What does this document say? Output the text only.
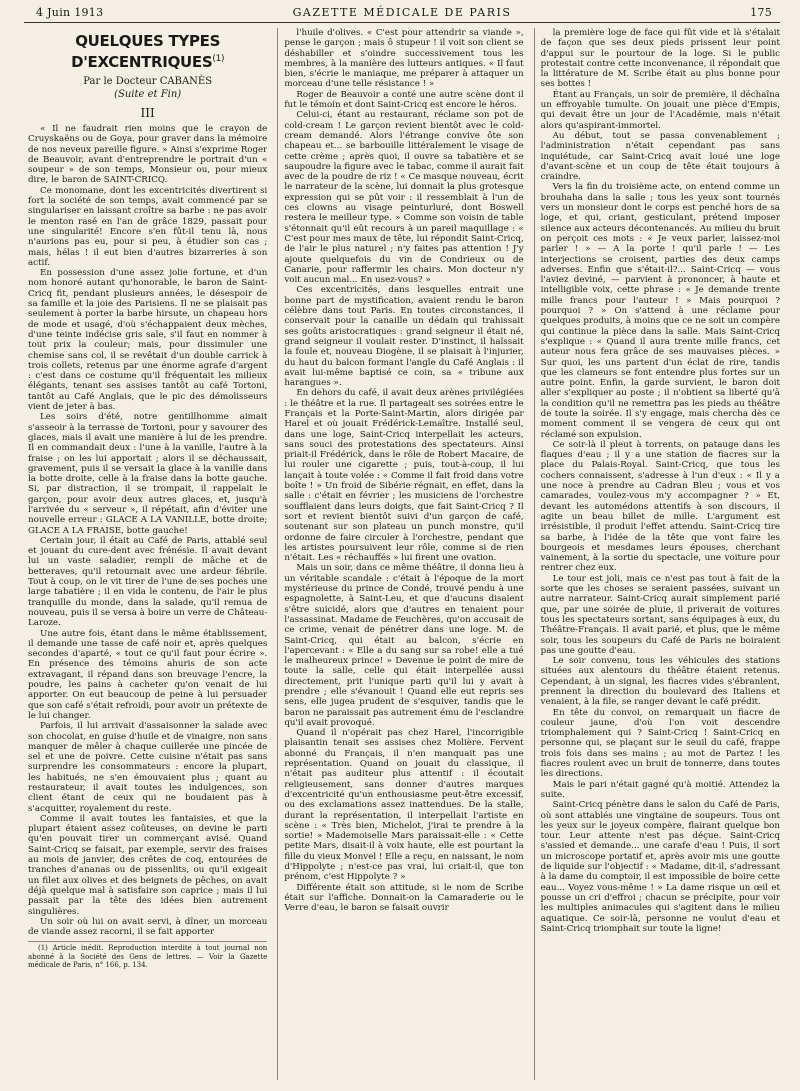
4 Juin 1913	GAZETTE MÉDICALE DE PARIS	175
QUELQUES TYPES D'EXCENTRIQUES$^{(1)}$
Par le Docteur CABANÈS
(Suite et Fin)
III

« Il ne faudrait rien moins que le crayon de Cruyskaëns ou de Goya, pour graver dans la mémoire de nos neveux pareille figure. » Ainsi s'exprime Roger de Beauvoir, avant d'entreprendre le portrait d'un « soupeur » de son temps, Monsieur ou, pour mieux dire, le baron de SAINT-CRICQ.

Ce monomane, dont les excentricités divertirent si fort la société de son temps, avait commencé par se singulariser en laissant croître sa barbe : ne pas avoir le menton rasé en l'an de grâce 1829, passait pour une singularité! Encore s'en fût-il tenu là, nous n'aurions pas eu, pour si peu, à étudier son cas ; mais, hélas ! il eut bien d'autres bizarreries à son actif.

En possession d'une assez jolie fortune, et d'un nom honoré autant qu'honorable, le baron de Saint-Cricq fit, pendant plusieurs années, le désespoir de sa famille et la joie des Parisiens. Il ne se plaisait pas seulement à porter la barbe hirsute, un chapeau hors de mode et usagé, d'où s'échappaient deux mèches, d'une teinte indécise gris sale, s'il faut en nommer à tout prix la couleur; mais, pour dissimuler une chemise sans col, il se revêtait d'un double carrick à trois collets, retenus par une énorme agrafe d'argent : c'est dans ce costume qu'il fréquentait les milieux élégants, tenant ses assises tantôt au café Tortoni, tantôt au Café Anglais, que le pic des démolisseurs vient de jeter à bas.

Les soirs d'été, notre gentillhomme aimait s'asseoir à la terrasse de Tortoni, pour y savourer des glaces, mais il avait une manière à lui de les prendre. Il en commandait deux : l'une à la vanille, l'autre à la fraise ; on les lui apportait ; alors il se déchaussait, gravement, puis il se versait la glace à la vanille dans la botte droite, celle à la fraise dans la botte gauche. Si, par distraction, il se trompait, il rappelait le garçon, pour avoir deux autres glaces, et, jusqu'à l'arrivée du « serveur », il répétait, afin d'éviter une nouvelle erreur : GLACE A LA VANILLE, botte droite; GLACE A LA FRAISE, botte gauche!

Certain jour, il était au Café de Paris, attablé seul et jouant du cure-dent avec frénésie. Il avait devant lui un vaste saladier, rempli de mâche et de betteraves, qu'il retournait avec une ardeur fébrile. Tout à coup, on le vit tirer de l'une de ses poches une large tabatière ; il en vida le contenu, de l'air le plus tranquille du monde, dans la salade, qu'il remua de nouveau, puis il se versa à boire un verre de Château-Laroze.

Une autre fois, étant dans le même établissement, il demande une tasse de café noir et, après quelques secondes d'aparté, « tout ce qu'il faut pour écrire ». En présence des témoins ahuris de son acte extravagant, il répand dans son breuvage l'encre, la poudre, les pains à cacheter qu'on venait de lui apporter. On eut beaucoup de peine à lui persuader que son café s'était refroidi, pour avoir un prétexte de le lui changer.

Parfois, il lui arrivait d'assaisonner la salade avec son chocolat, en guise d'huile et de vinaigre, non sans manquer de mêler à chaque cuillerée une pincée de sel et une de poivre. Cette cuisine n'était pas sans surprendre les consommateurs : encore la plupart, les habitués, ne s'en émouvaient plus ; quant au restaurateur, il avait toutes les indulgences, son client étant de ceux qui ne boudaient pas à s'acquitter, royalement du reste.

Comme il avait toutes les fantaisies, et que la plupart étaient assez coûteuses, on devine le parti qu'en pouvait tirer un commerçant avisé. Quand Saint-Cricq se faisait, par exemple, servir des fraises au mois de janvier, des crêtes de coq, entourées de tranches d'ananas ou de pissenlits, ou qu'il exigeait un filet aux olives et des beignets de pêches, on avait déjà quelque mal à satisfaire son caprice ; mais il lui passait par la tête des idées bien autrement singulières.

Un soir où lui on avait servi, à dîner, un morceau de viande assez racorni, il se fait apporter

(1) Article inédit. Reproduction interdite à tout journal non abonné à la Société des Gens de lettres. — Voir la Gazette médicale de Paris, n° 166, p. 134.

l'huile d'olives. « C'est pour attendrir sa viande », pense le garçon ; mais ô stupeur ! il voit son client se déshabiller et s'oindre successivement tous les membres, à la manière des lutteurs antiques. « Il faut bien, s'écrie le maniaque, me préparer à attaquer un morceau d'une telle résistance ! »

Roger de Beauvoir a conté une autre scène dont il fut le témoin et dont Saint-Cricq est encore le héros.

Celui-ci, étant au restaurant, réclame son pot de cold-cream ! Le garçon revient bientôt avec le cold-cream demandé. Alors l'étrange convive ôte son chapeau et... se barbouille littéralement le visage de cette crème ; après quoi, il ouvre sa tabatière et se saupoudre la figure avec le tabac, comme il aurait fait avec de la poudre de riz ! « Ce masque nouveau, écrit le narrateur de la scène, lui donnait la plus grotesque expression qui se pût voir : il ressemblait à l'un de ces clowns au visage peinturluré, dont Boswell restera le meilleur type. » Comme son voisin de table s'étonnait qu'il eût recours à un pareil maquillage : « C'est pour mes maux de tête, lui répondit Saint-Cricq, de l'air le plus naturel ; n'y faites pas attention ! J'y ajoute quelquefois du vin de Condrieux ou de Canarie, pour raffermir les chairs. Mon docteur n'y voit aucun mal... En usez-vous? »

Ces excentricités, dans lesquelles entrait une bonne part de mystification, avaient rendu le baron célèbre dans tout Paris. En toutes circonstances, il conservait pour la canaille un dédain qui trahissait ses goûts aristocratiques : grand seigneur il était né, grand seigneur il voulait rester. D'instinct, il haïssait la foule et, nouveau Diogène, il se plaisait à l'injurier, du haut du balcon formant l'angle du Café Anglais : il avait lui-même baptisé ce coin, sa « tribune aux harangues ».

En dehors du café, il avait deux arènes privilégiées : le théâtre et la rue. Il partageait ses soirées entre le Français et la Porte-Saint-Martin, alors dirigée par Harel et où jouait Frédérick-Lemaître. Installé seul, dans une loge, Saint-Cricq interpellait les acteurs, sans souci des protestations des spectateurs. Ainsi priait-il Frédérick, dans le rôle de Robert Macaire, de lui rouler une cigarette ; puis, tout-à-coup, il lui lançait à toute volée : « Comme il fait froid dans votre boîte ! » Un froid de Sibérie régnait, en effet, dans la salle : c'était en février ; les musiciens de l'orchestre soufflaient dans leurs doigts, que fait Saint-Cricq ? Il sort et revient bientôt suivi d'un garçon de café, soutenant sur son plateau un punch monstre, qu'il ordonne de faire circuler à l'orchestre, pendant que les artistes poursuivent leur rôle, comme si de rien n'était. Les « réchauffés » lui firent une ovation.

Mais un soir, dans ce même théâtre, il donna lieu à un véritable scandale : c'était à l'époque de la mort mystérieuse du prince de Condé, trouvé pendu à une espagnolette, à Saint-Leu, et que d'aucuns disaient s'être suicidé, alors que d'autres en tenaient pour l'assassinat. Madame de Feuchères, qu'on accusait de ce crime, venait de pénétrer dans une loge. M. de Saint-Cricq, qui était au balcon, s'écrie en l'apercevant : « Elle a du sang sur sa robe! elle a tué le malheureux prince! » Devenue le point de mire de toute la salle, celle qui était interpellée aussi directement, prit l'unique parti qu'il lui y avait à prendre ; elle s'évanouit ! Quand elle eut repris ses sens, elle jugea prudent de s'esquiver, tandis que le baron ne paraissait pas autrement ému de l'esclandre qu'il avait provoqué.

Quand il n'opérait pas chez Harel, l'incorrigible plaisantin tenait ses assises chez Molière. Fervent abonné du Français, il n'en manquait pas une représentation. Quand on jouait du classique, il n'était pas auditeur plus attentif : il écoutait religieusement, sans donner d'autres marques d'excentricité qu'un enthousiasme peut-être excessif, ou des exclamations assez inattendues. De la stalle, durant la représentation, il interpellait l'artiste en scène : « Très bien, Michelot, j'irai te prendre à la sortie! » Mademoiselle Mars paraissait-elle : « Cette petite Mars, disait-il à voix haute, elle est pourtant la fille du vieux Monvel ! Elle a reçu, en naissant, le nom d'Hippolyte ; n'est-ce pas vrai, lui criait-il, que ton prénom, c'est Hippolyte ? »

Différente était son attitude, si le nom de Scribe était sur l'affiche. Donnait-on la Camaraderie ou le Verre d'eau, le baron se faisait ouvrir

la première loge de face qui fût vide et là s'étalait de façon que ses deux pieds prissent leur point d'appui sur le pourtour de la loge. Si le public protestait contre cette inconvenance, il répondait que la littérature de M. Scribe était au plus bonne pour ses bottes !

Étant au Français, un soir de première, il déchaîna un effroyable tumulte. On jouait une pièce d'Empis, qui devait être un jour de l'Académie, mais n'était alors qu'aspirant-immortel.

Au début, tout se passa convenablement ; l'administration n'était cependant pas sans inquiétude, car Saint-Cricq avait loué une loge d'avant-scène et un coup de tête était toujours à craindre.

Vers la fin du troisième acte, on entend comme un brouhaha dans la salle ; tous les yeux sont tournés vers un monsieur dont le corps est penché hors de sa loge, et qui, criant, gesticulant, prétend imposer silence aux acteurs décontenancés. Au milieu du bruit on perçoit ces mots : « Je veux parler, laissez-moi parler ! » — A la porte ! qu'il parle ! — Les interjections se croisent, parties des deux camps adverses. Enfin que s'était-il?... Saint-Cricq — vous l'aviez deviné, — parvient à prononcer, à haute et intelligible voix, cette phrase : « Je demande trente mille francs pour l'auteur ! » Mais pourquoi ? pourquoi ? » On s'attend à une réclame pour quelques produits, à moins que ce ne soit un compère qui continue la pièce dans la salle. Mais Saint-Cricq s'explique : « Quand il aura trente mille francs, cet auteur nous fera grâce de ses mauvaises pièces. » Sur quoi, les uns partent d'un éclat de rire, tandis que les clameurs se font entendre plus fortes sur un autre point. Enfin, la garde survient, le baron doit aller s'expliquer au poste ; il n'obtient sa liberté qu'à la condition qu'il ne remettra pas les pieds au théâtre de toute la soirée. Il s'y engage, mais chercha dès ce moment comment il se vengera de ceux qui ont réclamé son expulsion.

Ce soir-là il pleut à torrents, on patauge dans les flaques d'eau ; il y a une station de fiacres sur la place du Palais-Royal. Saint-Cricq, que tous les cochers connaissent, s'adresse à l'un d'eux : « Il y a une noce à prendre au Cadran Bleu ; vous et vos camarades, voulez-vous m'y accompagner ? » Et, devant les automédons attentifs à son discours, il agite un beau billet de mille. L'argument est irrésistible, il produit l'effet attendu. Saint-Cricq tire sa barbe, à l'idée de la tête que vont faire les bourgeois et mesdames leurs épouses, cherchant vainement, à la sortie du spectacle, une voiture pour rentrer chez eux.

Le tour est joli, mais ce n'est pas tout à fait de la sorte que les choses se seraient passées, suivant un autre narrateur. Saint-Cricq aurait simplement parié que, par une soirée de pluie, il priverait de voitures tous les spectateurs sortant, sans équipages à eux, du Théâtre-Français. Il avait parié, et plus, que le même soir, tous les soupeurs du Café de Paris ne boiraient pas une goutte d'eau.

Le soir convenu, tous les véhicules des stations situées aux alentours du théâtre étaient retenus. Cependant, à un signal, les fiacres vides s'ébranlent, prennent la direction du boulevard des Italiens et venaient, à la file, se ranger devant le café prédit.

En tête du convoi, on remarquait un fiacre de couleur jaune, d'où l'on voit descendre triomphalement qui ? Saint-Cricq ! Saint-Cricq en personne qui, se plaçant sur le seuil du café, frappe trois fois dans ses mains ; au mot de Partez ! les fiacres roulent avec un bruit de tonnerre, dans toutes les directions.

Mais le pari n'était gagné qu'à moitié. Attendez la suite.

Saint-Cricq pénètre dans le salon du Café de Paris, où sont attablés une vingtaine de soupeurs. Tous ont les yeux sur le joyeux compère, flairant quelque bon tour. Leur attente n'est pas déçue. Saint-Cricq s'assied et demande... une carafe d'eau ! Puis, il sort un microscope portatif et, après avoir mis une goutte de liquide sur l'objectif : « Madame, dit-il, s'adressant à la dame du comptoir, il est impossible de boire cette eau... Voyez vous-même ! » La dame risque un œil et pousse un cri d'effroi ; chacun se précipite, pour voir les multiples animacules qui s'agitent dans le milieu aquatique. Ce soir-là, personne ne voulut d'eau et Saint-Cricq triomphait sur toute la ligne!
